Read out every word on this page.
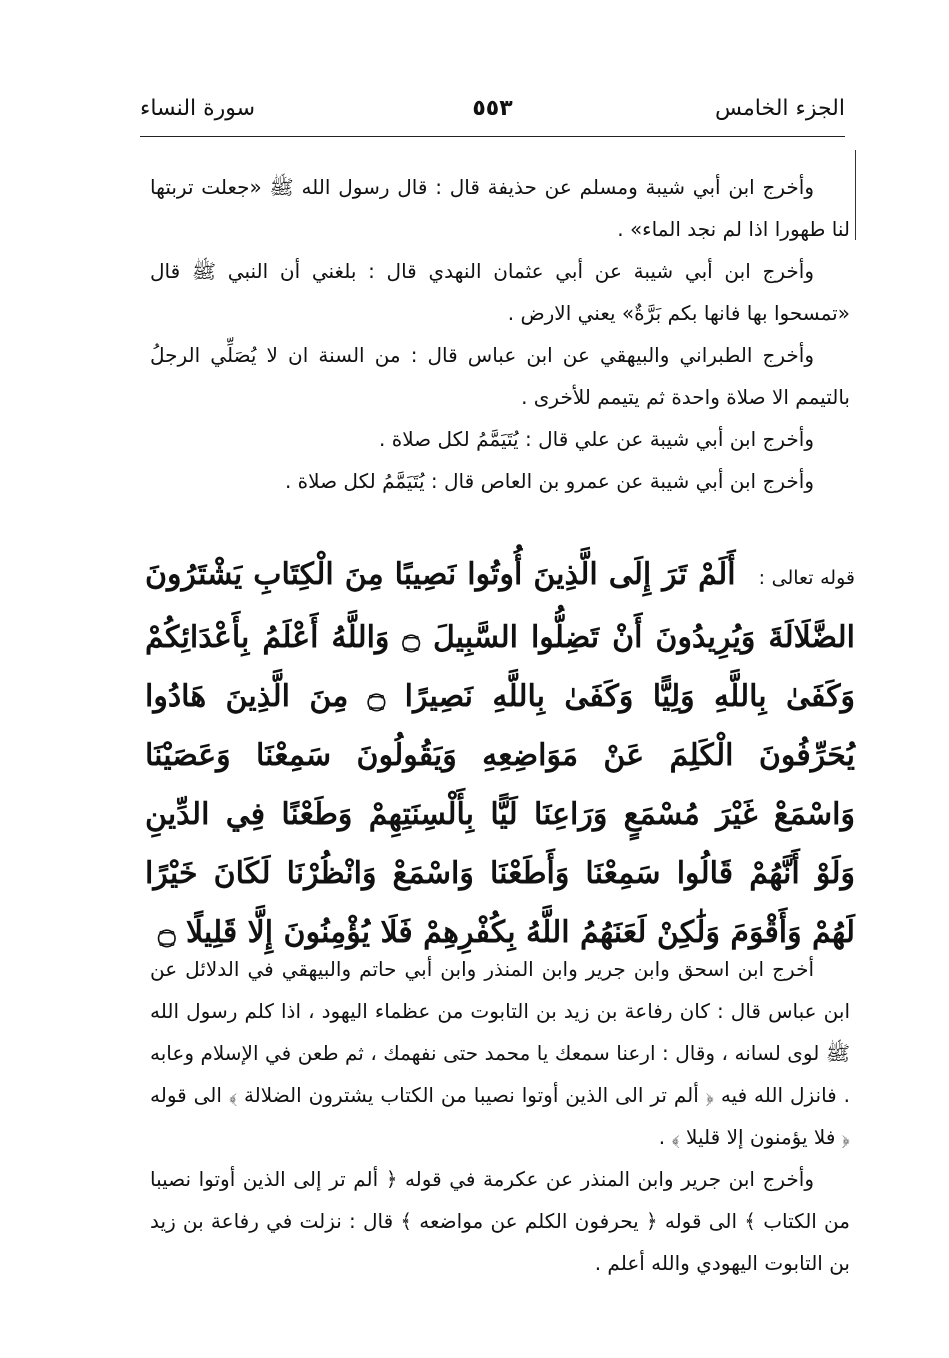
الجزء الخامس
٥٥٣
سورة النساء

وأخرج ابن أبي شيبة ومسلم عن حذيفة قال : قال رسول الله ﷺ «جعلت تربتها لنا طهورا اذا لم نجد الماء» .

وأخرج ابن أبي شيبة عن أبي عثمان النهدي قال : بلغني أن النبي ﷺ قال «تمسحوا بها فانها بكم بَرَّةٌ» يعني الارض .

وأخرج الطبراني والبيهقي عن ابن عباس قال : من السنة ان لا يُصَلِّي الرجلُ بالتيمم الا صلاة واحدة ثم يتيمم للأخرى .

وأخرج ابن أبي شيبة عن علي قال : يُتَيَمَّمُ لكل صلاة .

وأخرج ابن أبي شيبة عن عمرو بن العاص قال : يُتَيَمَّمُ لكل صلاة .

قوله تعالى : أَلَمْ تَرَ إِلَى الَّذِينَ أُوتُوا نَصِيبًا مِنَ الْكِتَابِ يَشْتَرُونَ الضَّلَالَةَ وَيُرِيدُونَ أَنْ تَضِلُّوا السَّبِيلَ ۝ وَاللَّهُ أَعْلَمُ بِأَعْدَائِكُمْ وَكَفَىٰ بِاللَّهِ وَلِيًّا وَكَفَىٰ بِاللَّهِ نَصِيرًا ۝ مِنَ الَّذِينَ هَادُوا يُحَرِّفُونَ الْكَلِمَ عَنْ مَوَاضِعِهِ وَيَقُولُونَ سَمِعْنَا وَعَصَيْنَا وَاسْمَعْ غَيْرَ مُسْمَعٍ وَرَاعِنَا لَيًّا بِأَلْسِنَتِهِمْ وَطَعْنًا فِي الدِّينِ وَلَوْ أَنَّهُمْ قَالُوا سَمِعْنَا وَأَطَعْنَا وَاسْمَعْ وَانْظُرْنَا لَكَانَ خَيْرًا لَهُمْ وَأَقْوَمَ وَلَٰكِنْ لَعَنَهُمُ اللَّهُ بِكُفْرِهِمْ فَلَا يُؤْمِنُونَ إِلَّا قَلِيلًا ۝

أخرج ابن اسحق وابن جرير وابن المنذر وابن أبي حاتم والبيهقي في الدلائل عن ابن عباس قال : كان رفاعة بن زيد بن التابوت من عظماء اليهود ، اذا كلم رسول الله ﷺ لوى لسانه ، وقال : ارعنا سمعك يا محمد حتى نفهمك ، ثم طعن في الإسلام وعابه . فانزل الله فيه ﴿ ألم تر الى الذين أوتوا نصيبا من الكتاب يشترون الضلالة ﴾ الى قوله ﴿ فلا يؤمنون إلا قليلا ﴾ .

وأخرج ابن جرير وابن المنذر عن عكرمة في قوله ﴿ ألم تر إلى الذين أوتوا نصيبا من الكتاب ﴾ الى قوله ﴿ يحرفون الكلم عن مواضعه ﴾ قال : نزلت في رفاعة بن زيد بن التابوت اليهودي والله أعلم .
